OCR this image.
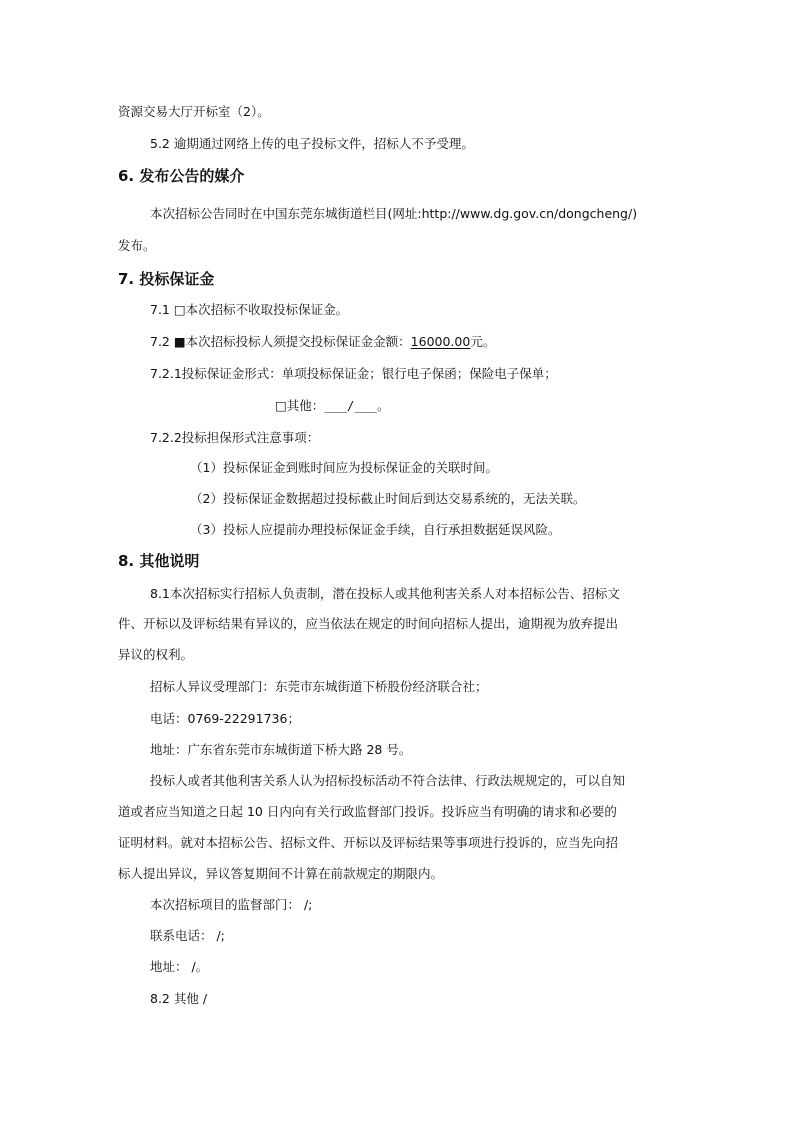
资源交易大厅开标室（2）。
5.2 逾期通过网络上传的电子投标文件，招标人不予受理。
6. 发布公告的媒介
本次招标公告同时在中国东莞东城街道栏目(网址:http://www.dg.gov.cn/dongcheng/)
发布。
7. 投标保证金
7.1 □本次招标不收取投标保证金。
7.2 ■本次招标投标人须提交投标保证金金额：16000.00元。
7.2.1投标保证金形式：单项投标保证金；银行电子保函；保险电子保单；
□其他：___/___。
7.2.2投标担保形式注意事项：
（1）投标保证金到账时间应为投标保证金的关联时间。
（2）投标保证金数据超过投标截止时间后到达交易系统的，无法关联。
（3）投标人应提前办理投标保证金手续，自行承担数据延误风险。
8. 其他说明
8.1本次招标实行招标人负责制，潜在投标人或其他利害关系人对本招标公告、招标文
件、开标以及评标结果有异议的，应当依法在规定的时间向招标人提出，逾期视为放弃提出
异议的权利。
招标人异议受理部门：东莞市东城街道下桥股份经济联合社；
电话：0769-22291736；
地址：广东省东莞市东城街道下桥大路 28 号。
投标人或者其他利害关系人认为招标投标活动不符合法律、行政法规规定的，可以自知
道或者应当知道之日起 10 日内向有关行政监督部门投诉。投诉应当有明确的请求和必要的
证明材料。就对本招标公告、招标文件、开标以及评标结果等事项进行投诉的，应当先向招
标人提出异议，异议答复期间不计算在前款规定的期限内。
本次招标项目的监督部门： /;
联系电话： /;
地址： /。
8.2 其他 /
